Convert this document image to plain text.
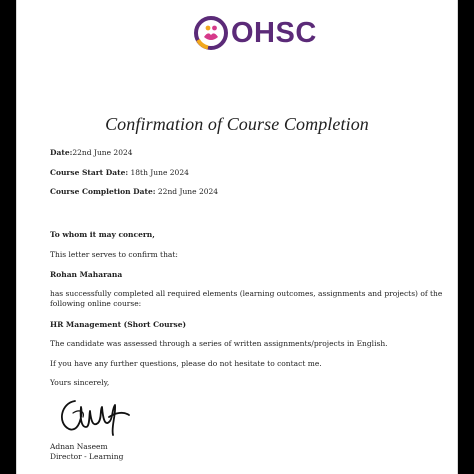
OHSC
Confirmation of Course Completion
Date:22nd June 2024
Course Start Date: 18th June 2024
Course Completion Date: 22nd June 2024
To whom it may concern,
This letter serves to confirm that:
Rohan Maharana
has successfully completed all required elements (learning outcomes, assignments and projects) of the following online course:
HR Management (Short Course)
The candidate was assessed through a series of written assignments/projects in English.
If you have any further questions, please do not hesitate to contact me.
Yours sincerely,
Adnan Naseem
Director - Learning
